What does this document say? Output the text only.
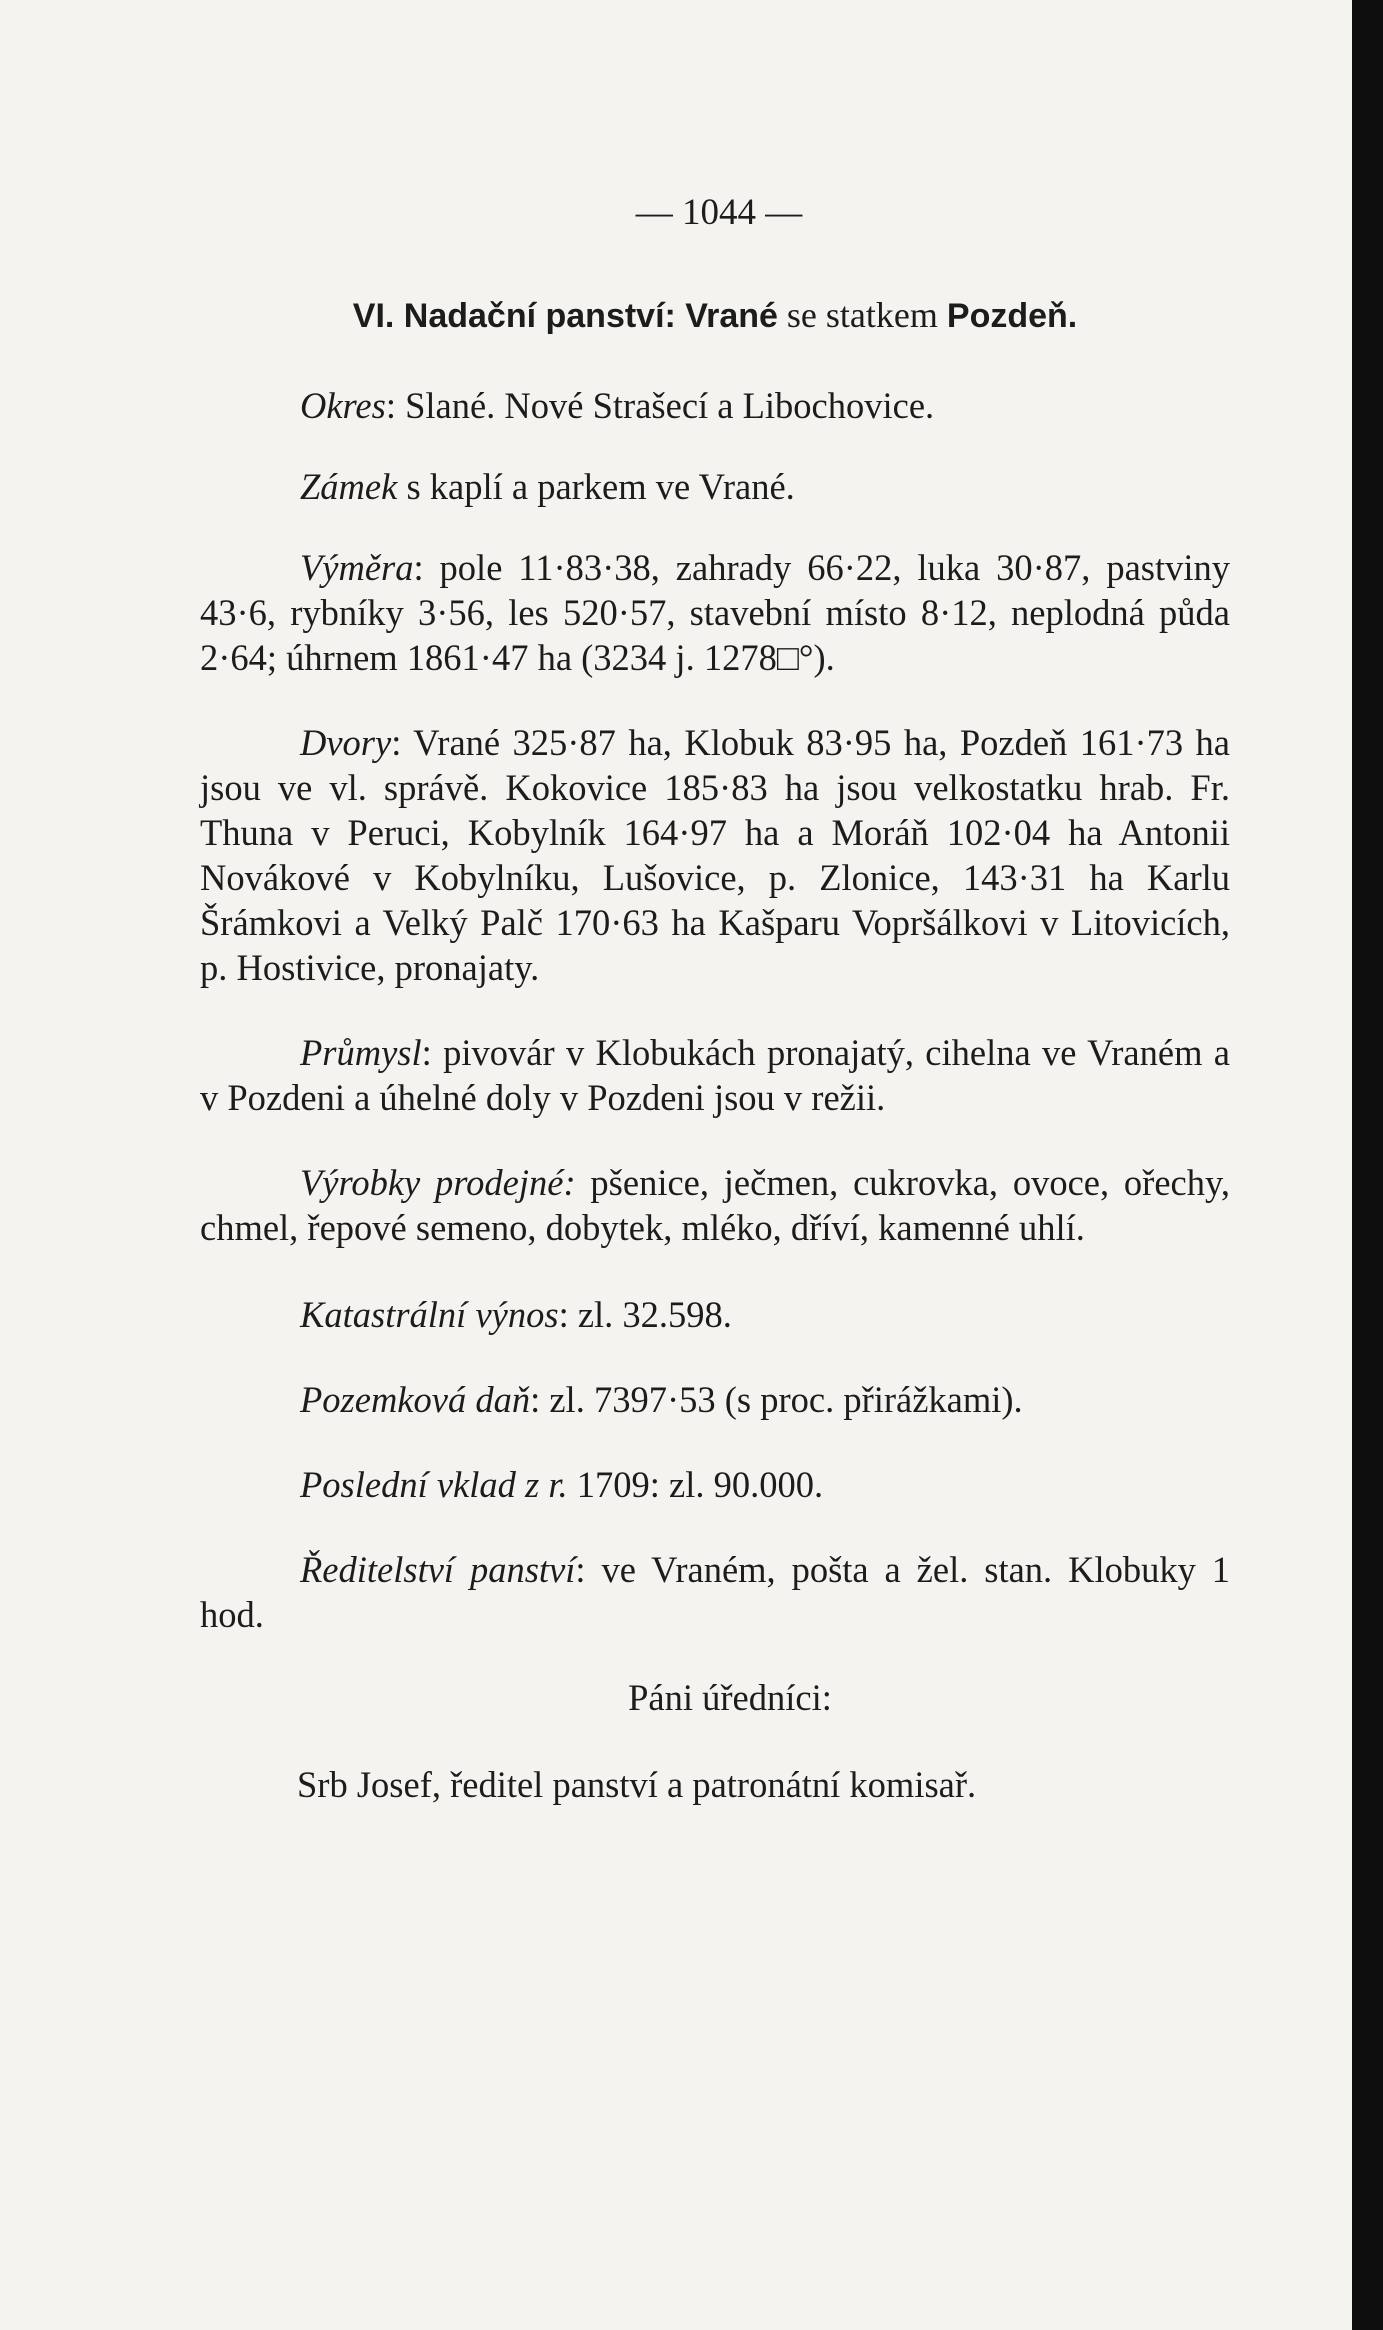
— 1044 —
VI. Nadační panství: Vrané se statkem Pozdeň.

Okres: Slané. Nové Strašecí a Libochovice.

Zámek s kaplí a parkem ve Vrané.

Výměra: pole 11·83·38, zahrady 66·22, luka 30·87, pastviny 43·6, rybníky 3·56, les 520·57, stavební místo 8·12, neplodná půda 2·64; úhrnem 1861·47 ha (3234 j. 1278□°).

Dvory: Vrané 325·87 ha, Klobuk 83·95 ha, Pozdeň 161·73 ha jsou ve vl. správě. Kokovice 185·83 ha jsou velkostatku hrab. Fr. Thuna v Peruci, Kobylník 164·97 ha a Moráň 102·04 ha Antonii Novákové v Kobylníku, Lušovice, p. Zlonice, 143·31 ha Karlu Šrámkovi a Velký Palč 170·63 ha Kašparu Vopršálkovi v Litovicích, p. Hostivice, pronajaty.

Průmysl: pivovár v Klobukách pronajatý, cihelna ve Vraném a v Pozdeni a úhelné doly v Pozdeni jsou v režii.

Výrobky prodejné: pšenice, ječmen, cukrovka, ovoce, ořechy, chmel, řepové semeno, dobytek, mléko, dříví, kamenné uhlí.

Katastrální výnos: zl. 32.598.

Pozemková daň: zl. 7397·53 (s proc. přirážkami).

Poslední vklad z r. 1709: zl. 90.000.

Ředitelství panství: ve Vraném, pošta a žel. stan. Klobuky 1 hod.

Páni úředníci:

Srb Josef, ředitel panství a patronátní komisař.
